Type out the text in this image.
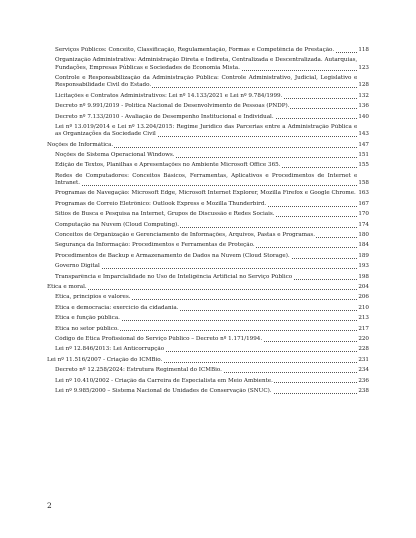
Serviços Públicos: Conceito, Classificação, Regulamentação, Formas e Competência de Prestação.	118
Organização Administrativa: Administração Direta e Indireta, Centralizada e Descentralizada. Autarquias, Fundações, Empresas Públicas e Sociedades de Economia Mista.	123
Controle e Responsabilização da Administração Pública: Controle Administrativo, Judicial, Legislativo e Responsabilidade Civil do Estado.	128
Licitações e Contratos Administrativos: Lei nº 14.133/2021 e Lei nº 9.784/1999.	132
Decreto nº 9.991/2019 - Política Nacional de Desenvolvimento de Pessoas (PNDP).	136
Decreto nº 7.133/2010 - Avaliação de Desempenho Institucional e Individual.	140
Lei nº 13.019/2014 e Lei nº 13.204/2015: Regime Jurídico das Parcerias entre a Administração Pública e as Organizações da Sociedade Civil	143
Noções de Informática.	147
Noções de Sistema Operacional Windows.	151
Edição de Textos, Planilhas e Apresentações no Ambiente Microsoft Office 365.	155
Redes de Computadores: Conceitos Básicos, Ferramentas, Aplicativos e Procedimentos de Internet e Intranet.	158
Programas de Navegação: Microsoft Edge, Microsoft Internet Explorer, Mozilla Firefox e Google Chrome. 163
Programas de Correio Eletrônico: Outlook Express e Mozilla Thunderbird.	167
Sítios de Busca e Pesquisa na Internet, Grupos de Discussão e Redes Sociais.	170
Computação na Nuvem (Cloud Computing).	174
Conceitos de Organização e Gerenciamento de Informações, Arquivos, Pastas e Programas.	180
Segurança da Informação: Procedimentos e Ferramentas de Proteção.	184
Procedimentos de Backup e Armazenamento de Dados na Nuvem (Cloud Storage).	189
Governo Digital	193
Transparência e Imparcialidade no Uso de Inteligência Artificial no Serviço Público	198
Ética e moral.	204
Ética, princípios e valores.	206
Ética e democracia: exercício da cidadania.	210
Ética e função pública.	213
Ética no setor público.	217
Código de Ética Profissional do Serviço Público – Decreto nº 1.171/1994.	220
Lei nº 12.846/2013: Lei Anticorrupção	228
Lei nº 11.516/2007 - Criação do ICMBio.	231
Decreto nº 12.258/2024: Estrutura Regimental do ICMBio.	234
Lei nº 10.410/2002 - Criação da Carreira de Especialista em Meio Ambiente.	236
Lei nº 9.985/2000 – Sistema Nacional de Unidades de Conservação (SNUC).	238
2
